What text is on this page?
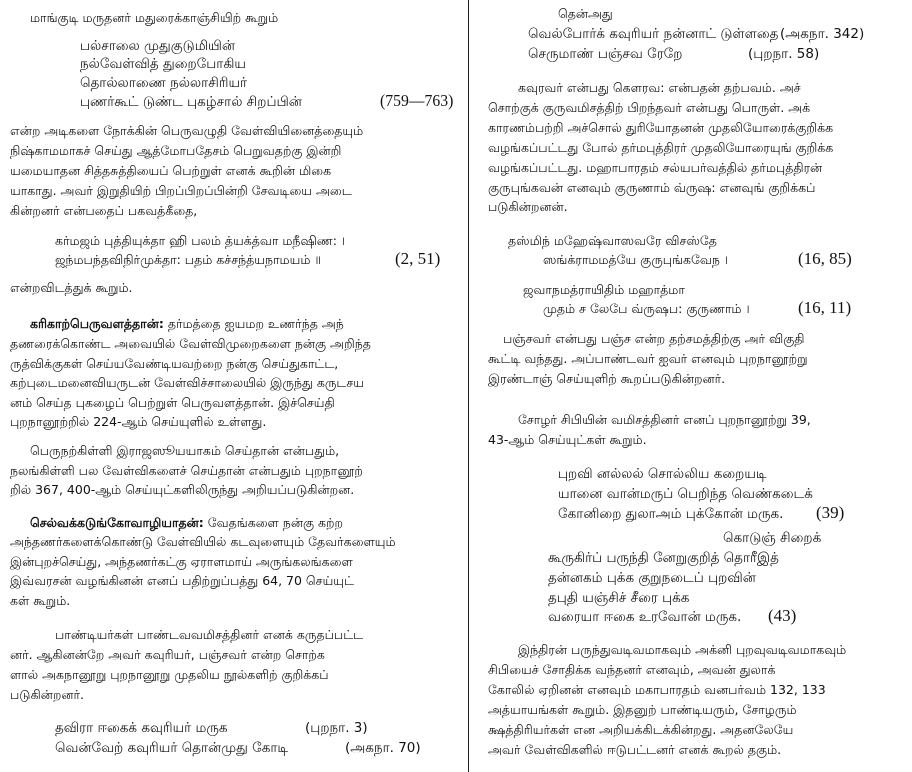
மாங்குடி மருதனர் மதுரைக்காஞ்சியிற் கூறும்
பல்சாலை முதுகுடுமியின்
நல்வேள்வித் துறைபோகிய
தொல்லாணை நல்லாசிரியர்
புணர்கூட் டுண்ட புகழ்சால் சிறப்பின்	(759—763)
என்ற அடிகளை நோக்கின் பெருவழுதி வேள்வியினைத்தையும்
நிஷ்காமமாகச் செய்து ஆத்மோபதேசம் பெறுவதற்கு இன்றி
யமையாதன சித்தசுத்தியைப் பெற்றுள் எனக் கூறின் மிகை
யாகாது. அவர் இறுதியிற் பிறப்பிறப்பின்றி சேவடியை அடை
கின்றனர் என்பதைப் பகவத்கீதை,
கர்மஜம் புத்தியுக்தா ஹி பலம் த்யக்த்வா மநீஷிண: ।
ஜந்மபந்தவிநிர்முக்தா: பதம் கச்சந்த்யநாமயம் ॥	(2, 51)
என்றவிடத்துக் கூறும்.
கரிகாற்பெருவளத்தான்: தர்மத்தை ஐயமற உணர்ந்த அந்
தணரைக்கொண்ட அவையில் வேள்விமுறைகளை நன்கு அறிந்த
ருத்விக்குகள் செய்யவேண்டியவற்றை நன்கு செய்துகாட்ட,
கற்புடைமனைவியருடன் வேள்விச்சாலையில் இருந்து கருடசய
னம் செய்த புகழைப் பெற்றுள் பெருவளத்தான். இச்செய்தி
புறநானூற்றில் 224-ஆம் செய்யுளில் உள்ளது.
பெருநற்கிள்ளி இராஜஸூயயாகம் செய்தான் என்பதும்,
நலங்கிள்ளி பல வேள்விகளைச் செய்தான் என்பதும் புறநானூற்
றில் 367, 400-ஆம் செய்யுட்களிலிருந்து அறியப்படுகின்றன.
செல்வக்கடுங்கோவாழியாதன்: வேதங்களை நன்கு கற்ற
அந்தணர்களைக்கொண்டு வேள்வியில் கடவுளையும் தேவர்களையும்
இன்புறச்செய்து, அந்தணர்கட்கு ஏராளமாய் அருங்கலங்களை
இவ்வரசன் வழங்கினன் எனப் பதிற்றுப்பத்து 64, 70 செய்யுட்
கள் கூறும்.
பாண்டியர்கள் பாண்டவவமிசத்தினர் எனக் கருதப்பட்ட
னர். ஆகினன்றே அவர் கவுரியர், பஞ்சவர் என்ற சொற்க
ளால் அகநானூறு புறநானூறு முதலிய நூல்களிற் குறிக்கப்
படுகின்றனர்.
தவிரா ஈகைக் கவுரியர் மருக	(புறநா. 3)
வென்வேற் கவுரியர் தொன்முது கோடி	(அகநா. 70)
தென்அது
வெல்போர்க் கவுரியர் நன்னாட் டுள்ளதை (அகநா. 342)
செருமாண் பஞ்சவ ரேறே	(புறநா. 58)
கவுரவர் என்பது கௌரவ: என்பதன் தற்பவம். அச்
சொற்குக் குருவமிசத்திற் பிறந்தவர் என்பது பொருள். அக்
காரணம்பற்றி அச்சொல் துரியோதனன் முதலியோரைக்குறிக்க
வழங்கப்பட்டது போல் தர்மபுத்திரர் முதலியோரையுங் குறிக்க
வழங்கப்பட்டது. மஹாபாரதம் சல்யபர்வத்தில் தர்மபுத்திரன்
குருபுங்கவன் எனவும் குருணாம் வ்ருஷ: எனவுங் குறிக்கப்
படுகின்றனன்.
தஸ்மிந் மஹேஷ்வாஸவரே விசஸ்தே
ஸங்க்ராமமத்யே குருபுங்கவேந ।	(16, 85)
ஜவாநமத்ராயிதிம் மஹாத்மா
முதம் ச லேபே வ்ருஷப: குருணாம் ।	(16, 11)
பஞ்சவர் என்பது பஞ்ச என்ற தற்சமத்திற்கு அர் விகுதி
கூட்டி வந்தது. அப்பாண்டவர் ஐவர் எனவும் புறநானூற்று
இரண்டாஞ் செய்யுளிற் கூறப்படுகின்றனர்.
சோழர் சிபியின் வமிசத்தினர் எனப் புறநானூற்று 39,
43-ஆம் செய்யுட்கள் கூறும்.
புறவி னல்லல் சொல்லிய கறையடி
யானை வான்மருப் பெறிந்த வெண்கடைக்
கோனிறை துலாஅம் புக்கோன் மருக. (39)
கொடுஞ் சிறைக்
கூருகிர்ப் பருந்தி னேறுகுறித் தொரீஇத்
தன்னகம் புக்க குறுநடைப் புறவின்
தபுதி யஞ்சிச் சீரை புக்க
வரையா ஈகை உரவோன் மருக. (43)
இந்திரன் பருந்துவடிவமாகவும் அக்னி புறவுவடிவமாகவும்
சிபியைச் சோதிக்க வந்தனர் எனவும், அவன் துலாக்
கோலில் ஏறினன் எனவும் மகாபாரதம் வனபர்வம் 132, 133
அத்யாயங்கள் கூறும். இதனுற் பாண்டியரும், சோழரும்
க்ஷத்திரியர்கள் என அறியக்கிடக்கின்றது. அதனலேயே
அவர் வேள்விகளில் ஈடுபட்டனர் எனக் கூறல் தகும்.
